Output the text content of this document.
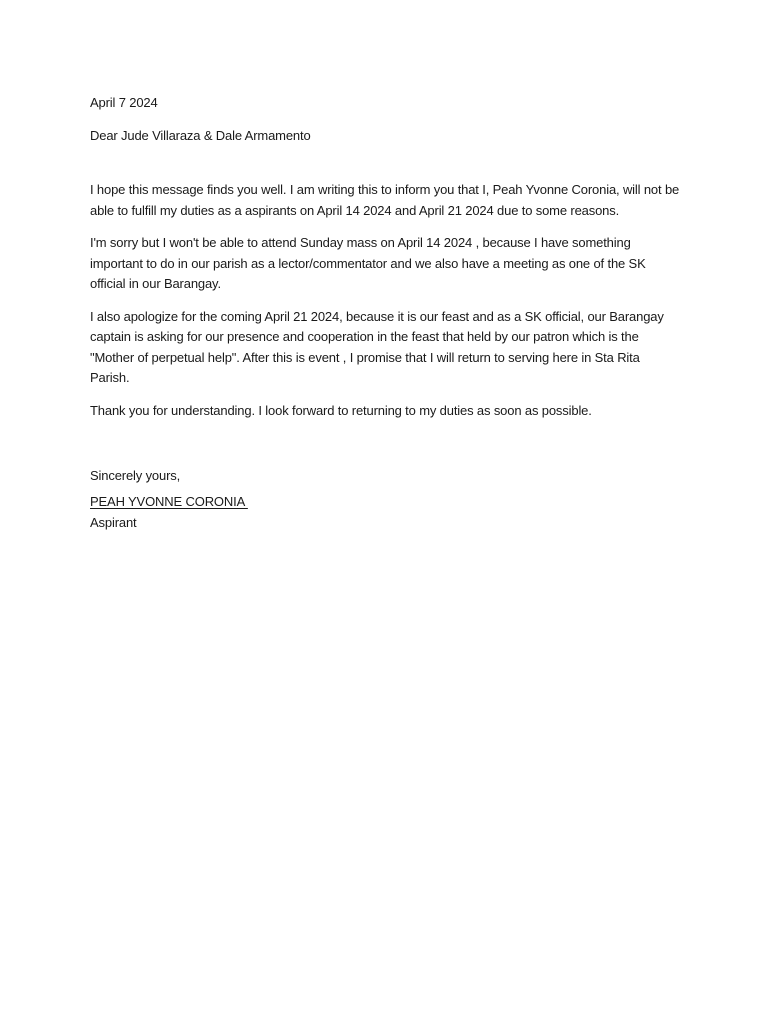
April 7 2024

Dear Jude Villaraza & Dale Armamento

I hope this message finds you well. I am writing this to inform you that I, Peah Yvonne Coronia, will not be able to fulfill my duties as a aspirants on April 14 2024 and April 21 2024 due to some reasons.

I'm sorry but I won't be able to attend Sunday mass on April 14 2024 , because I have something important to do in our parish as a lector/commentator and we also have a meeting as one of the SK official in our Barangay.

I also apologize for the coming April 21 2024, because it is our feast and as a SK official, our Barangay captain is asking for our presence and cooperation in the feast that held by our patron which is the "Mother of perpetual help". After this is event , I promise that I will return to serving here in Sta Rita Parish.

Thank you for understanding. I look forward to returning to my duties as soon as possible.

Sincerely yours,

PEAH YVONNE CORONIA

Aspirant
